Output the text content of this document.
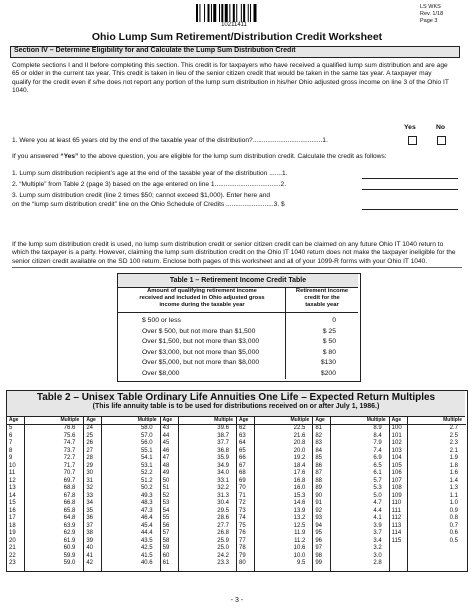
10211411
LS WKS
Rev. 1/18
Page 3
Ohio Lump Sum Retirement/Distribution Credit Worksheet
Section IV – Determine Eligibility for and Calculate the Lump Sum Distribution Credit
Complete sections I and II before completing this section. This credit is for taxpayers who have received a qualified lump sum distribution and are age 65 or older in the current tax year. This credit is taken in lieu of the senior citizen credit that would be taken in the same tax year. A taxpayer may qualify for the credit even if s/he does not report any portion of the lump sum distribution in his/her Ohio adjusted gross income on line 3 of the Ohio IT 1040.
Yes	No
1. Were you at least 65 years old by the end of the taxable year of the distribution?......................................1.
If you answered “Yes” to the above question, you are eligible for the lump sum distribution credit. Calculate the credit as follows:
1. Lump sum distribution recipient’s age at the end of the taxable year of the distribution .......1.
2. “Multiple” from Table 2 (page 3) based on the age entered on line 1....................................2.
3. Lump sum distribution credit (line 2 times $50; cannot exceed $1,000). Enter here and
on the “lump sum distribution credit” line on the Ohio Schedule of Credits ..........................3. $
If the lump sum distribution credit is used, no lump sum distribution credit or senior citizen credit can be claimed on any future Ohio IT 1040 return to which the taxpayer is a party. However, claiming the lump sum distribution credit on the Ohio IT 1040 return does not make the taxpayer ineligible for the senior citizen credit available on the SD 100 return. Enclose both pages of this worksheet and all of your 1099-R forms with your Ohio IT 1040.
Table 1 – Retirement Income Credit Table
Amount of qualifying retirement income
received and included in Ohio adjusted gross
income during the taxable year
Retirement income
credit for the
taxable year
$ 500 or less	0
Over $ 500, but not more than $1,500	$ 25
Over $1,500, but not more than $3,000	$ 50
Over $3,000, but not more than $5,000	$ 80
Over $5,000, but not more than $8,000	$130
Over $8,000	$200
Table 2 – Unisex Table Ordinary Life Annuities One Life – Expected Return Multiples
(This life annuity table is to be used for distributions received on or after July 1, 1986.)
Age	Multiple
5	76.6
6	75.6
7	74.7
8	73.7
9	72.7
10	71.7
11	70.7
12	69.7
13	68.8
14	67.8
15	66.8
16	65.8
17	64.8
18	63.9
19	62.9
20	61.9
21	60.9
22	59.9
23	59.0
Age	Multiple
24	58.0
25	57.0
26	56.0
27	55.1
28	54.1
29	53.1
30	52.2
31	51.2
32	50.2
33	49.3
34	48.3
35	47.3
36	46.4
37	45.4
38	44.4
39	43.5
40	42.5
41	41.5
42	40.6
Age	Multiple
43	39.6
44	38.7
45	37.7
46	36.8
47	35.9
48	34.9
49	34.0
50	33.1
51	32.2
52	31.3
53	30.4
54	29.5
55	28.6
56	27.7
57	26.8
58	25.9
59	25.0
60	24.2
61	23.3
Age	Multiple
62	22.5
63	21.6
64	20.8
65	20.0
66	19.2
67	18.4
68	17.6
69	16.8
70	16.0
71	15.3
72	14.6
73	13.9
74	13.2
75	12.5
76	11.9
77	11.2
78	10.6
79	10.0
80	9.5
Age	Multiple
81	8.9
82	8.4
83	7.9
84	7.4
85	6.9
86	6.5
87	6.1
88	5.7
89	5.3
90	5.0
91	4.7
92	4.4
93	4.1
94	3.9
95	3.7
96	3.4
97	3.2
98	3.0
99	2.8
Age	Multiple
100	2.7
101	2.5
102	2.3
103	2.1
104	1.9
105	1.8
106	1.6
107	1.4
108	1.3
109	1.1
110	1.0
111	0.9
112	0.8
113	0.7
114	0.6
115	0.5
- 3 -
